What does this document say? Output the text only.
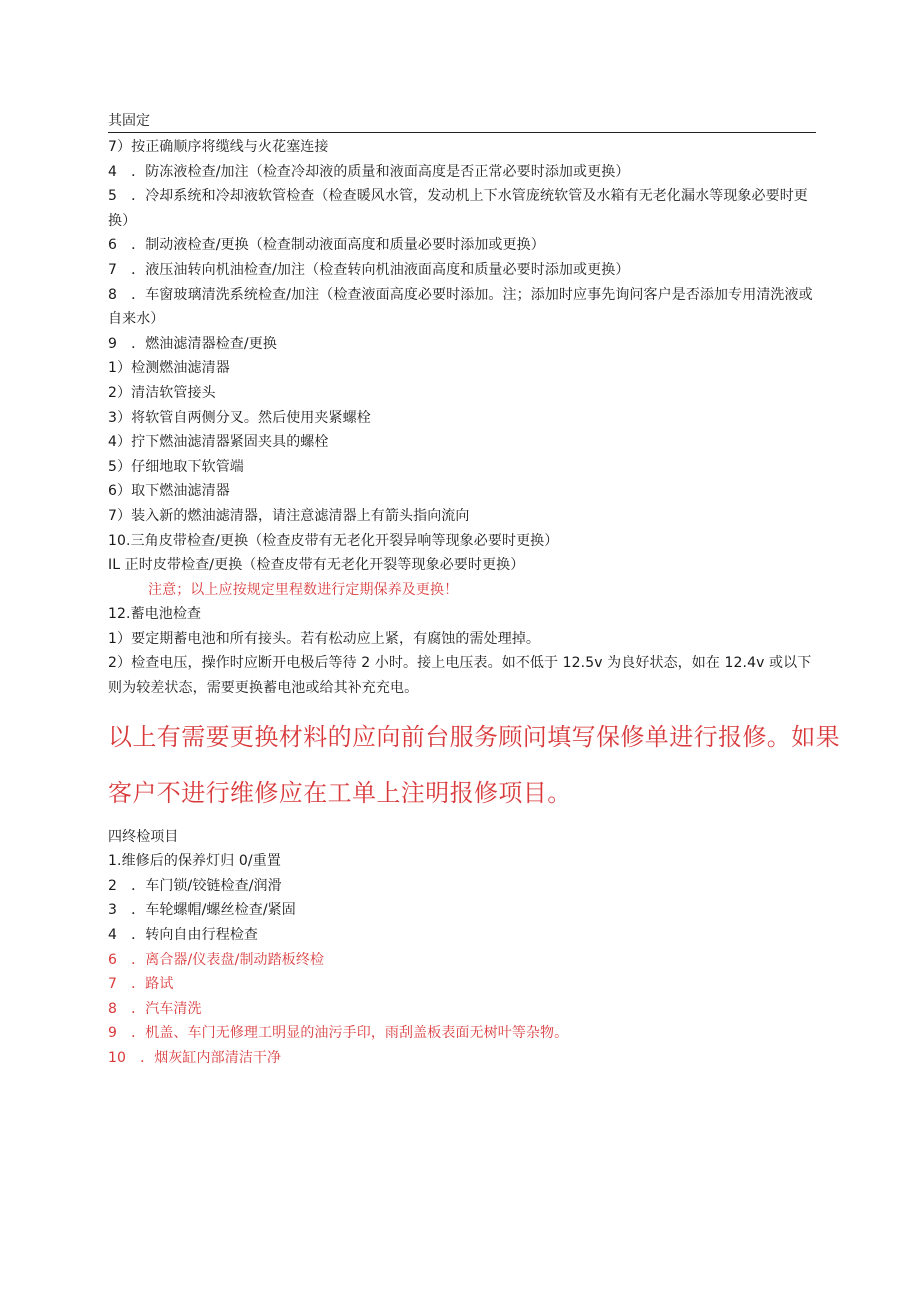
其固定
7）按正确顺序将缆线与火花塞连接
4　．防冻液检查/加注（检查冷却液的质量和液面高度是否正常必要时添加或更换）
5　．冷却系统和冷却液软管检查（检查暖风水管，发动机上下水管庞统软管及水箱有无老化漏水等现象必要时更换）
6　．制动液检查/更换（检查制动液面高度和质量必要时添加或更换）
7　．液压油转向机油检查/加注（检查转向机油液面高度和质量必要时添加或更换）
8　．车窗玻璃清洗系统检查/加注（检查液面高度必要时添加。注；添加时应事先询问客户是否添加专用清洗液或自来水）
9　．燃油滤清器检查/更换
1）检测燃油滤清器
2）清洁软管接头
3）将软管自两侧分叉。然后使用夹紧螺栓
4）拧下燃油滤清器紧固夹具的螺栓
5）仔细地取下软管端
6）取下燃油滤清器
7）装入新的燃油滤清器，请注意滤清器上有箭头指向流向
10.三角皮带检查/更换（检查皮带有无老化开裂异响等现象必要时更换）
IL 正时皮带检查/更换（检查皮带有无老化开裂等现象必要时更换）
注意；以上应按规定里程数进行定期保养及更换！
12.蓄电池检查
1）要定期蓄电池和所有接头。若有松动应上紧，有腐蚀的需处理掉。
2）检查电压，操作时应断开电极后等待 2 小时。接上电压表。如不低于 12.5v 为良好状态，如在 12.4v 或以下则为较差状态，需要更换蓄电池或给其补充充电。
以上有需要更换材料的应向前台服务顾问填写保修单进行报修。如果
客户不进行维修应在工单上注明报修项目。
四终检项目
1.维修后的保养灯归 0/重置
2　．车门锁/铰链检查/润滑
3　．车轮螺帽/螺丝检查/紧固
4　．转向自由行程检查
6　．离合器/仪表盘/制动踏板终检
7　．路试
8　．汽车清洗
9　．机盖、车门无修理工明显的油污手印，雨刮盖板表面无树叶等杂物。
10　．烟灰缸内部清洁干净
